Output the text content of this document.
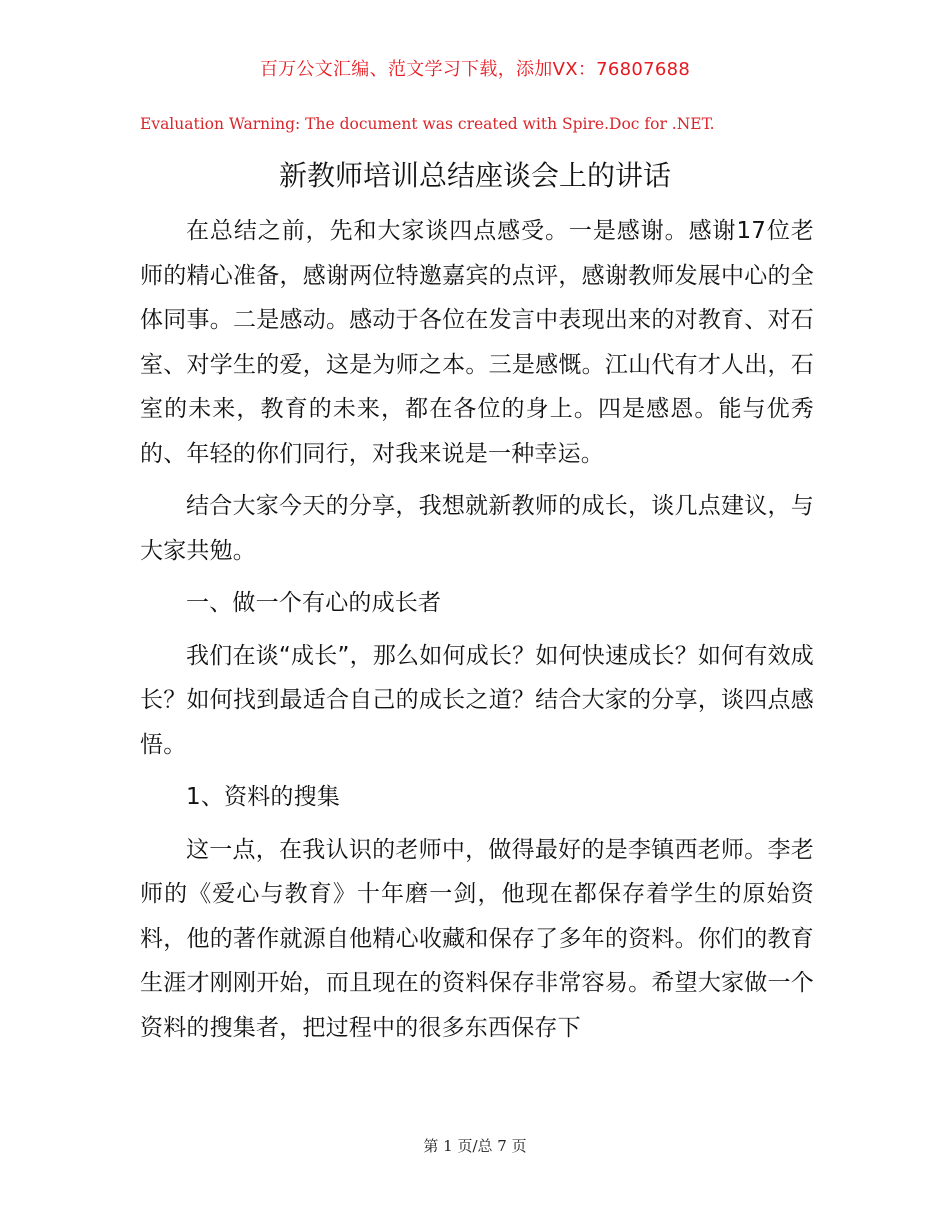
百万公文汇编、范文学习下载，添加VX：76807688
Evaluation Warning: The document was created with Spire.Doc for .NET.
新教师培训总结座谈会上的讲话

在总结之前，先和大家谈四点感受。一是感谢。感谢17位老师的精心准备，感谢两位特邀嘉宾的点评，感谢教师发展中心的全体同事。二是感动。感动于各位在发言中表现出来的对教育、对石室、对学生的爱，这是为师之本。三是感慨。江山代有才人出，石室的未来，教育的未来，都在各位的身上。四是感恩。能与优秀的、年轻的你们同行，对我来说是一种幸运。

结合大家今天的分享，我想就新教师的成长，谈几点建议，与大家共勉。

一、做一个有心的成长者

我们在谈“成长”，那么如何成长？如何快速成长？如何有效成长？如何找到最适合自己的成长之道？结合大家的分享，谈四点感悟。

1、资料的搜集

这一点，在我认识的老师中，做得最好的是李镇西老师。李老师的《爱心与教育》十年磨一剑，他现在都保存着学生的原始资料，他的著作就源自他精心收藏和保存了多年的资料。你们的教育生涯才刚刚开始，而且现在的资料保存非常容易。希望大家做一个资料的搜集者，把过程中的很多东西保存下

第 1 页/总 7 页
